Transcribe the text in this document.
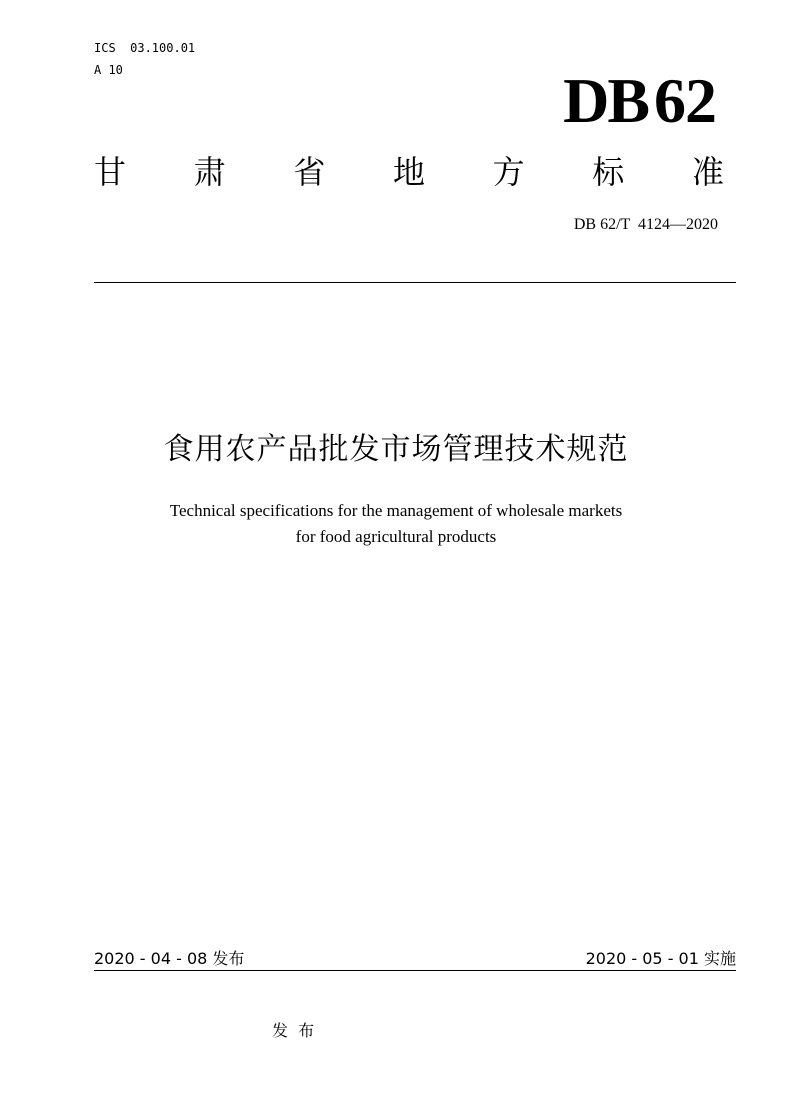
ICS  03.100.01
A 10	DB62
甘 肃 省 地 方 标 准
DB 62/T  4124—2020
食用农产品批发市场管理技术规范
Technical specifications for the management of wholesale markets
for food agricultural products
2020 - 04 - 08 发布	2020 - 05 - 01 实施
发  布
